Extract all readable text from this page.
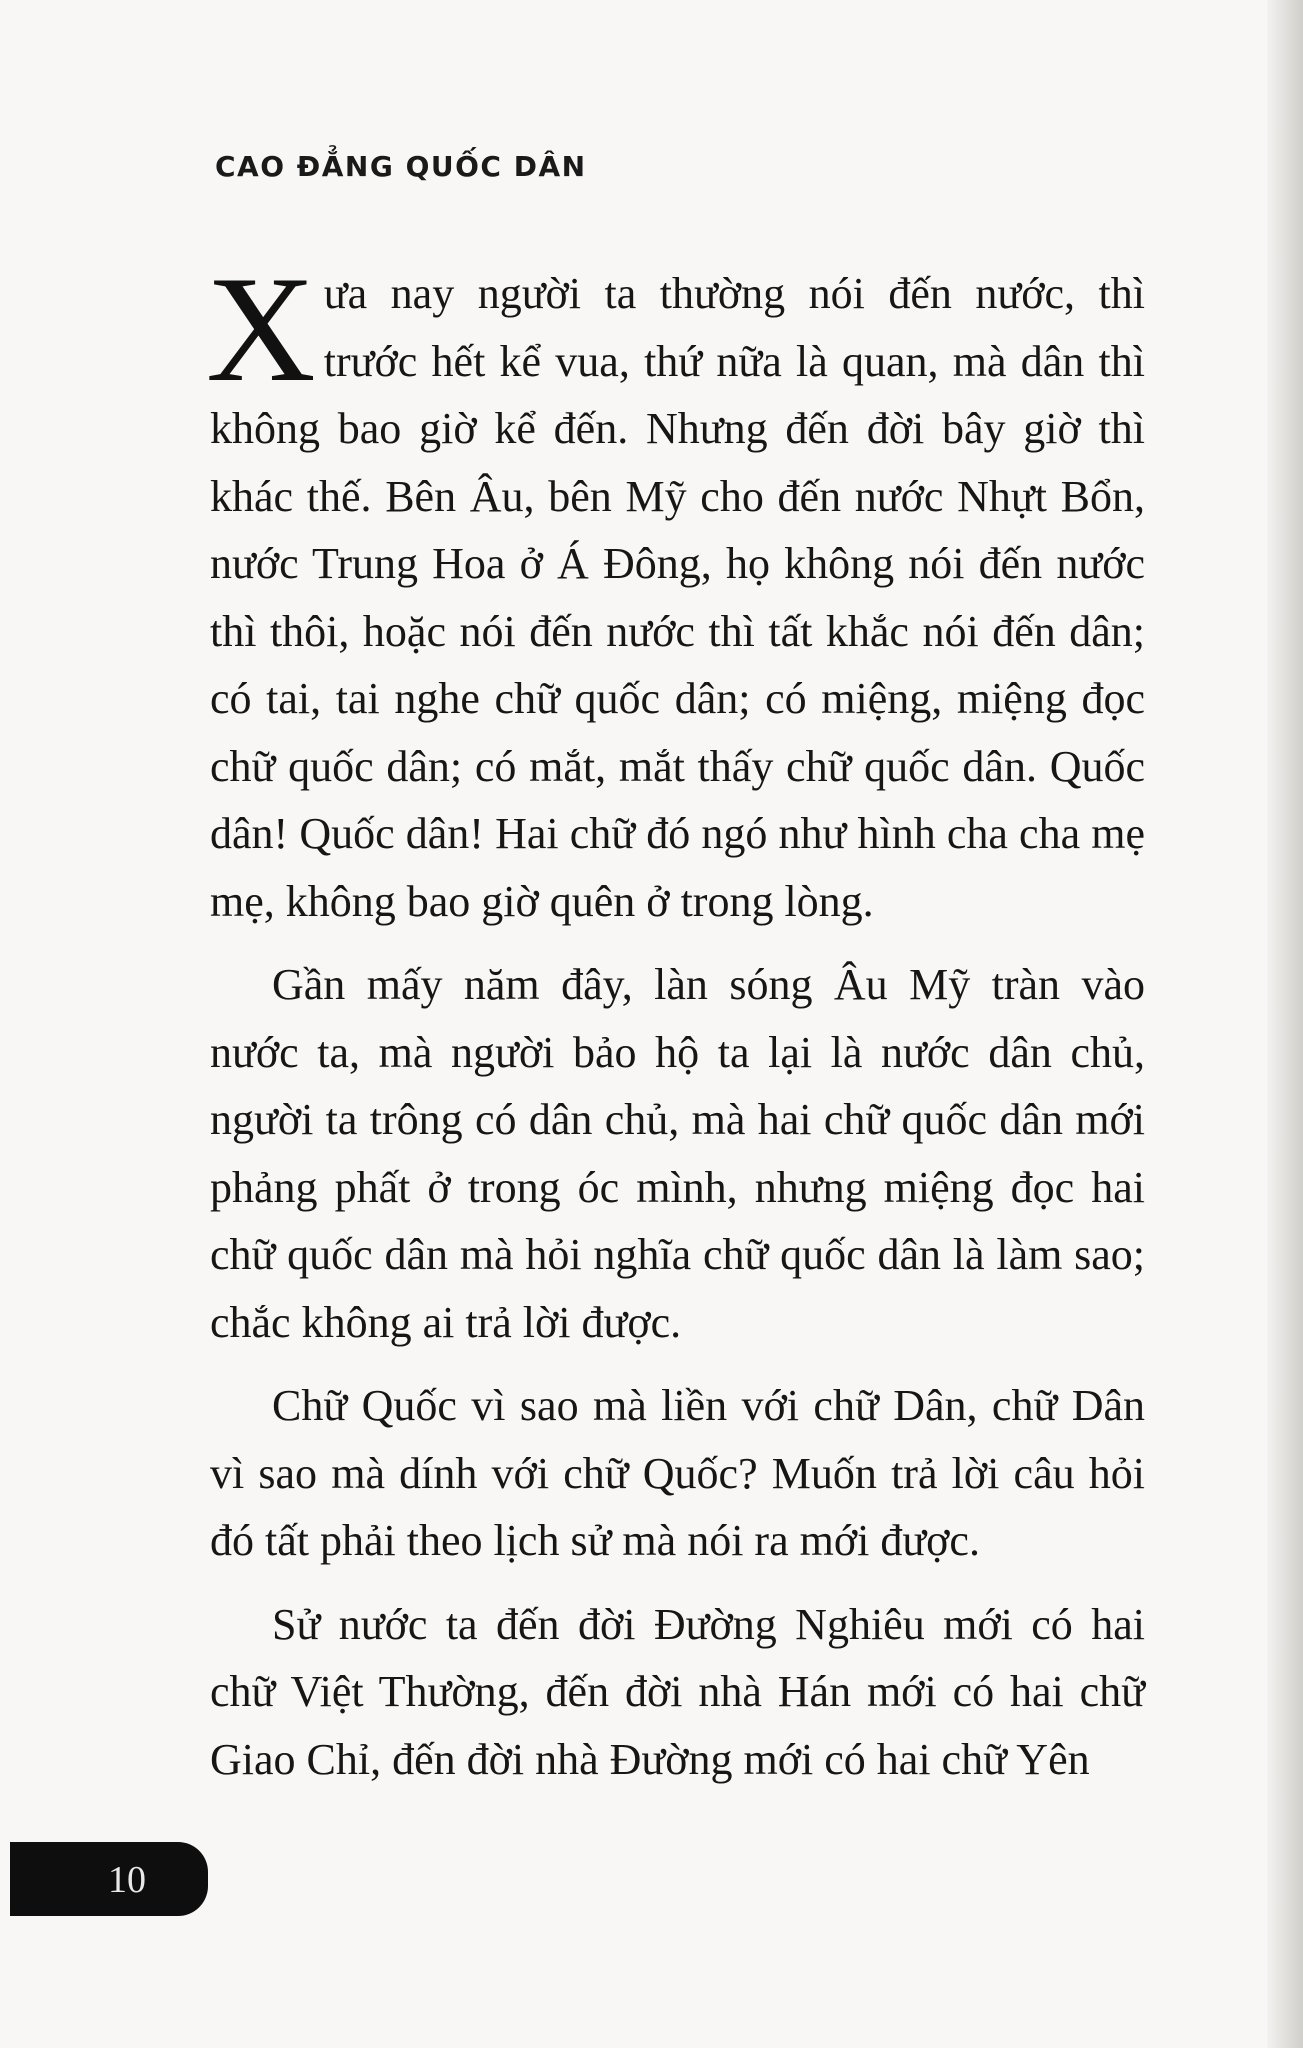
CAO ĐẲNG QUỐC DÂN

Xưa nay người ta thường nói đến nước, thì trước hết kể vua, thứ nữa là quan, mà dân thì không bao giờ kể đến. Nhưng đến đời bây giờ thì khác thế. Bên Âu, bên Mỹ cho đến nước Nhựt Bổn, nước Trung Hoa ở Á Đông, họ không nói đến nước thì thôi, hoặc nói đến nước thì tất khắc nói đến dân; có tai, tai nghe chữ quốc dân; có miệng, miệng đọc chữ quốc dân; có mắt, mắt thấy chữ quốc dân. Quốc dân! Quốc dân! Hai chữ đó ngó như hình cha cha mẹ mẹ, không bao giờ quên ở trong lòng.

Gần mấy năm đây, làn sóng Âu Mỹ tràn vào nước ta, mà người bảo hộ ta lại là nước dân chủ, người ta trông có dân chủ, mà hai chữ quốc dân mới phảng phất ở trong óc mình, nhưng miệng đọc hai chữ quốc dân mà hỏi nghĩa chữ quốc dân là làm sao; chắc không ai trả lời được.

Chữ Quốc vì sao mà liền với chữ Dân, chữ Dân vì sao mà dính với chữ Quốc? Muốn trả lời câu hỏi đó tất phải theo lịch sử mà nói ra mới được.

Sử nước ta đến đời Đường Nghiêu mới có hai chữ Việt Thường, đến đời nhà Hán mới có hai chữ Giao Chỉ, đến đời nhà Đường mới có hai chữ Yên

10
